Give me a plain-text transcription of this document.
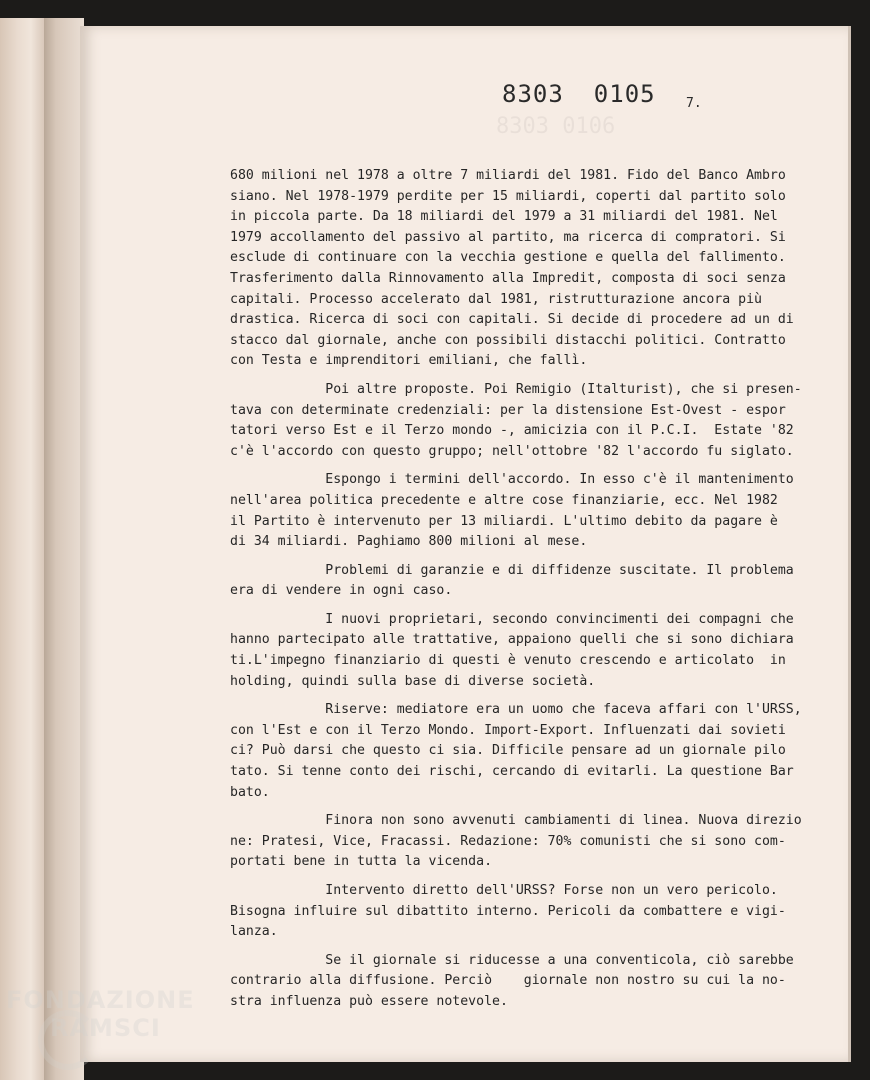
8303 0105
8303 0106
7.

680 milioni nel 1978 a oltre 7 miliardi del 1981. Fido del Banco Ambro
siano. Nel 1978-1979 perdite per 15 miliardi, coperti dal partito solo
in piccola parte. Da 18 miliardi del 1979 a 31 miliardi del 1981. Nel
1979 accollamento del passivo al partito, ma ricerca di compratori. Si
esclude di continuare con la vecchia gestione e quella del fallimento.
Trasferimento dalla Rinnovamento alla Impredit, composta di soci senza
capitali. Processo accelerato dal 1981, ristrutturazione ancora più
drastica. Ricerca di soci con capitali. Si decide di procedere ad un di
stacco dal giornale, anche con possibili distacchi politici. Contratto
con Testa e imprenditori emiliani, che fallì.

Poi altre proposte. Poi Remigio (Italturist), che si presen-
tava con determinate credenziali: per la distensione Est-Ovest - espor
tatori verso Est e il Terzo mondo -, amicizia con il P.C.I.  Estate '82
c'è l'accordo con questo gruppo; nell'ottobre '82 l'accordo fu siglato.

Espongo i termini dell'accordo. In esso c'è il mantenimento
nell'area politica precedente e altre cose finanziarie, ecc. Nel 1982
il Partito è intervenuto per 13 miliardi. L'ultimo debito da pagare è
di 34 miliardi. Paghiamo 800 milioni al mese.

Problemi di garanzie e di diffidenze suscitate. Il problema
era di vendere in ogni caso.

I nuovi proprietari, secondo convincimenti dei compagni che
hanno partecipato alle trattative, appaiono quelli che si sono dichiara
ti.L'impegno finanziario di questi è venuto crescendo e articolato  in
holding, quindi sulla base di diverse società.

Riserve: mediatore era un uomo che faceva affari con l'URSS,
con l'Est e con il Terzo Mondo. Import-Export. Influenzati dai sovieti
ci? Può darsi che questo ci sia. Difficile pensare ad un giornale pilo
tato. Si tenne conto dei rischi, cercando di evitarli. La questione Bar
bato.

Finora non sono avvenuti cambiamenti di linea. Nuova direzio
ne: Pratesi, Vice, Fracassi. Redazione: 70% comunisti che si sono com-
portati bene in tutta la vicenda.

Intervento diretto dell'URSS? Forse non un vero pericolo.
Bisogna influire sul dibattito interno. Pericoli da combattere e vigi-
lanza.

Se il giornale si riducesse a una conventicola, ciò sarebbe
contrario alla diffusione. Perciò    giornale non nostro su cui la no-
stra influenza può essere notevole.

FONDAZIONE
RAMSCI
